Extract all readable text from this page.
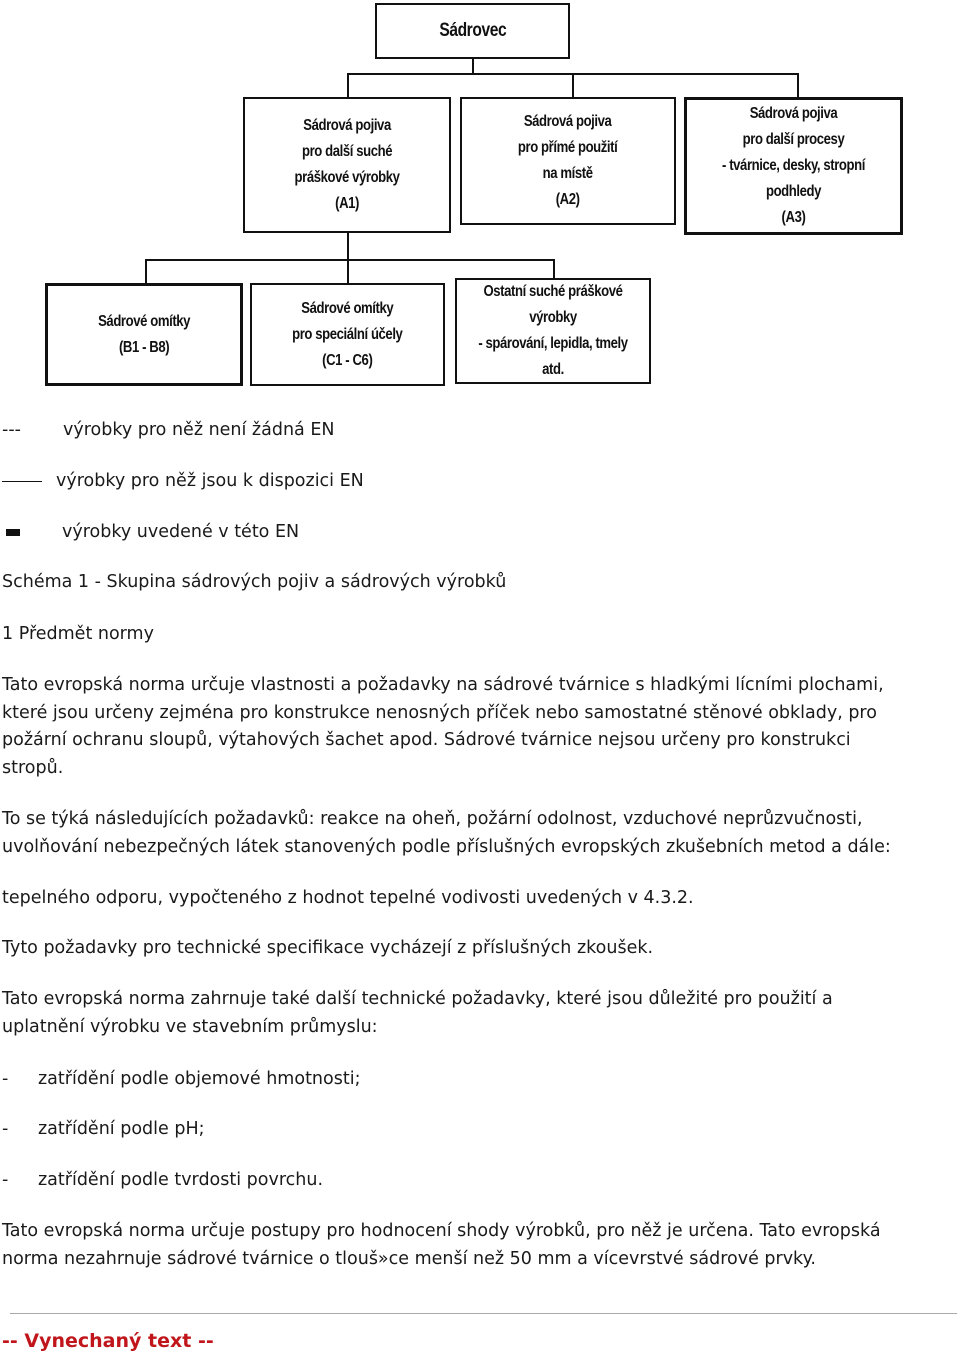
Sádrovec
Sádrová pojiva
pro další suché
práškové výrobky
(A1)
Sádrová pojiva
pro přímé použití
na místě
(A2)
Sádrová pojiva
pro další procesy
- tvárnice, desky, stropní podhledy
(A3)
Sádrové omítky
(B1 - B8)
Sádrové omítky
pro speciální účely
(C1 - C6)
Ostatní suché práškové výrobky
- spárování, lepidla, tmely atd.
--- výrobky pro něž není žádná EN
výrobky pro něž jsou k dispozici EN
výrobky uvedené v této EN
Schéma 1 - Skupina sádrových pojiv a sádrových výrobků
1 Předmět normy
Tato evropská norma určuje vlastnosti a požadavky na sádrové tvárnice s hladkými lícními plochami,
které jsou určeny zejména pro konstrukce nenosných příček nebo samostatné stěnové obklady, pro
požární ochranu sloupů, výtahových šachet apod. Sádrové tvárnice nejsou určeny pro konstrukci
stropů.
To se týká následujících požadavků: reakce na oheň, požární odolnost, vzduchové neprůzvučnosti,
uvolňování nebezpečných látek stanovených podle příslušných evropských zkušebních metod a dále:
tepelného odporu, vypočteného z hodnot tepelné vodivosti uvedených v 4.3.2.
Tyto požadavky pro technické specifikace vycházejí z příslušných zkoušek.
Tato evropská norma zahrnuje také další technické požadavky, které jsou důležité pro použití a
uplatnění výrobku ve stavebním průmyslu:
- zatřídění podle objemové hmotnosti;
- zatřídění podle pH;
- zatřídění podle tvrdosti povrchu.
Tato evropská norma určuje postupy pro hodnocení shody výrobků, pro něž je určena. Tato evropská
norma nezahrnuje sádrové tvárnice o tlouš»ce menší než 50 mm a vícevrstvé sádrové prvky.
-- Vynechaný text --
